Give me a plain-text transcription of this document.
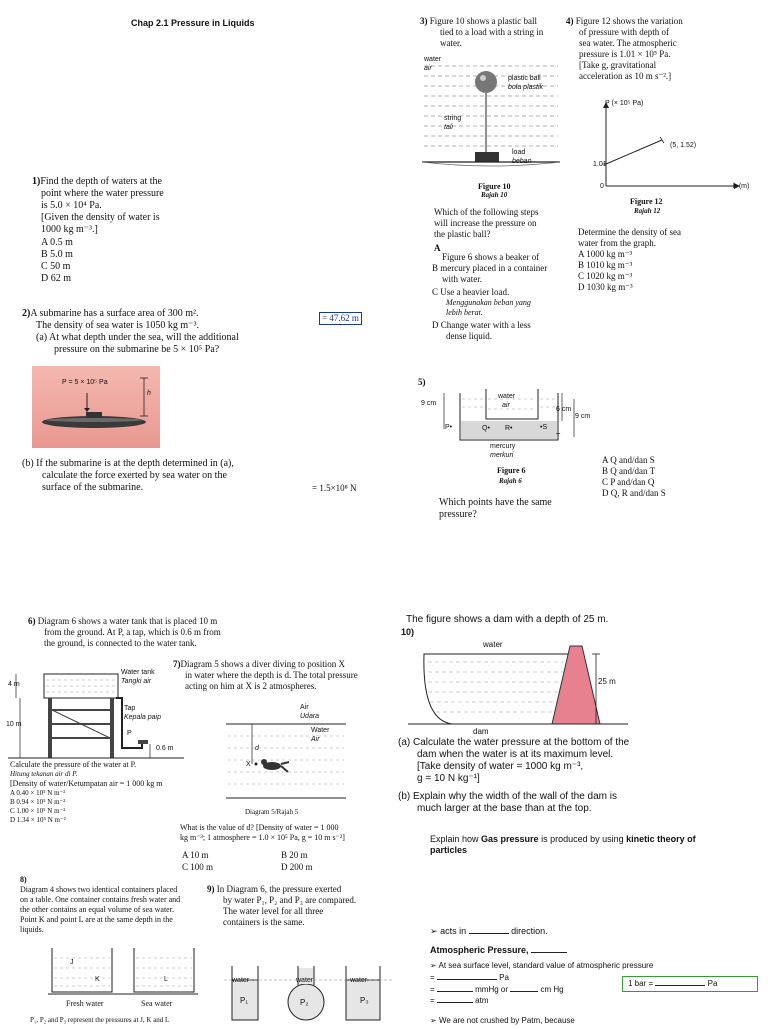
Chap 2.1 Pressure in Liquids
1)Find the depth of waters at the
point where the water pressure
is 5.0 × 10⁴ Pa.
[Given the density of water is
1000 kg m⁻³.]
A 0.5 m
B 5.0 m
C 50 m
D 62 m
2)A submarine has a surface area of 300 m².
The density of sea water is 1050 kg m⁻³.
(a) At what depth under the sea, will the additional
pressure on the submarine be 5 × 10⁵ Pa?
= 47.62 m
P = 5 × 10⁵ Pa
h
(b) If the submarine is at the depth determined in (a),
calculate the force exerted by sea water on the
surface of the submarine.	= 1.5×10⁸ N
3) Figure 10 shows a plastic ball
tied to a load with a string in
water.
water
air
plastic ball
bola plastik
string
tali
load
beban
Figure 10
Rajah 10
Which of the following steps
will increase the pressure on
the plastic ball?
A
Figure 6 shows a beaker of
B mercury placed in a container
with water.
C Use a heavier load.
Menggunakan beban yang
lebih berat.
D Change water with a less
dense liquid.
4) Figure 12 shows the variation
of pressure with depth of
sea water. The atmospheric
pressure is 1.01 × 10⁵ Pa.
[Take g, gravitational
acceleration as 10 m s⁻².]
P (× 10⁵ Pa)
h (m)
(5, 1.52)
1.01
0
Figure 12
Rajah 12
Determine the density of sea
water from the graph.
A 1000 kg m⁻³
B 1010 kg m⁻³
C 1020 kg m⁻³
D 1030 kg m⁻³
5)
water
air
9 cm
6 cm
9 cm
P•	Q• R•	•S
T
mercury
merkuri
Figure 6
Rajah 6
Which points have the same
pressure?
A Q and/dan S
B Q and/dan T
C P and/dan Q
D Q, R and/dan S
6) Diagram 6 shows a water tank that is placed 10 m
from the ground. At P, a tap, which is 0.6 m from
the ground, is connected to the water tank.
Water tank
Tangki air
Tap
Kepala paip
4 m
10 m
0.6 m
P
Calculate the pressure of the water at P.
Hitung tekanan air di P.
[Density of water/Ketumpatan air = 1 000 kg m
A 0.40 × 10⁵ N m⁻²
B 0.94 × 10⁵ N m⁻²
C 1.00 × 10⁵ N m⁻²
D 1.34 × 10⁵ N m⁻²
7)Diagram 5 shows a diver diving to position X
in water where the depth is d. The total pressure
acting on him at X is 2 atmospheres.
Air
Udara
Water
Air
d
X
Diagram 5/Rajah 5
What is the value of d? [Density of water = 1 000
kg m⁻³; 1 atmosphere = 1.0 × 10⁵ Pa, g = 10 m s⁻²]
A 10 m	B 20 m
C 100 m	D 200 m
8)
Diagram 4 shows two identical containers placed
on a table. One container contains fresh water and
the other contains an equal volume of sea water.
Point K and point L are at the same depth in the
liquids.
J
K	L
Fresh water	Sea water
P₁, P₂ and P₃ represent the pressures at J, K and L
9) In Diagram 6, the pressure exerted
by water P₁, P₂ and P₃ are compared.
The water level for all three
containers is the same.
water	water	water
P₁	P₂	P₃
The figure shows a dam with a depth of 25 m.
10)
water
dam
25 m
(a) Calculate the water pressure at the bottom of the
dam when the water is at its maximum level.
[Take density of water = 1000 kg m⁻³,
g = 10 N kg⁻¹]
(b) Explain why the width of the wall of the dam is
much larger at the base than at the top.
Explain how Gas pressure is produced by using kinetic theory of
particles
➢ acts in	direction.
Atmospheric Pressure,
➢ At sea surface level, standard value of atmospheric pressure
=	Pa
=	mmHg or	cm Hg
=	atm
1 bar =	Pa
➢ We are not crushed by Patm, because
